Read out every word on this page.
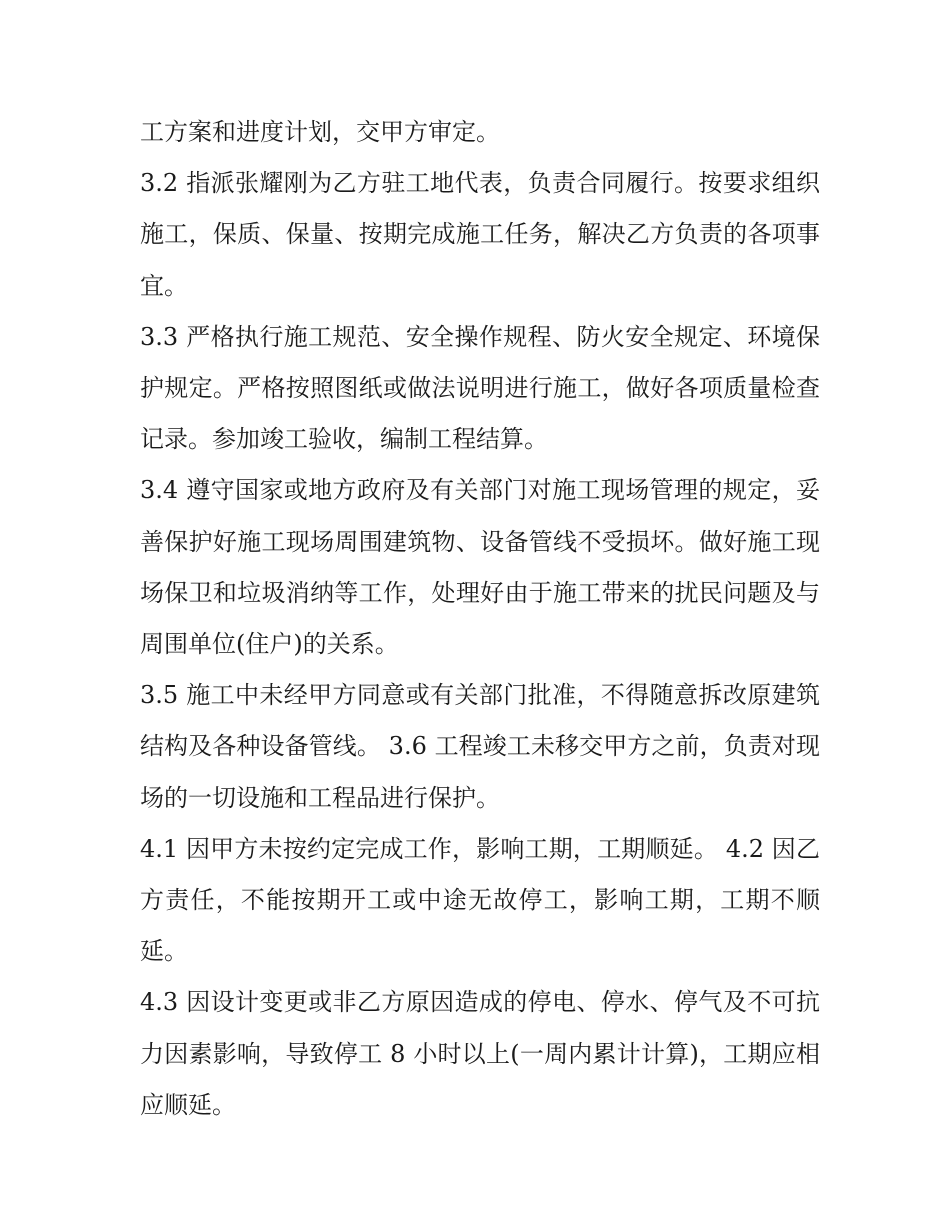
工方案和进度计划，交甲方审定。

3.2 指派张耀刚为乙方驻工地代表，负责合同履行。按要求组织施工，保质、保量、按期完成施工任务，解决乙方负责的各项事宜。

3.3 严格执行施工规范、安全操作规程、防火安全规定、环境保护规定。严格按照图纸或做法说明进行施工，做好各项质量检查记录。参加竣工验收，编制工程结算。

3.4 遵守国家或地方政府及有关部门对施工现场管理的规定，妥善保护好施工现场周围建筑物、设备管线不受损坏。做好施工现场保卫和垃圾消纳等工作，处理好由于施工带来的扰民问题及与周围单位(住户)的关系。

3.5 施工中未经甲方同意或有关部门批准，不得随意拆改原建筑结构及各种设备管线。 3.6 工程竣工未移交甲方之前，负责对现场的一切设施和工程品进行保护。

4.1 因甲方未按约定完成工作，影响工期，工期顺延。 4.2 因乙方责任，不能按期开工或中途无故停工，影响工期，工期不顺延。

4.3 因设计变更或非乙方原因造成的停电、停水、停气及不可抗力因素影响，导致停工 8 小时以上(一周内累计计算)，工期应相应顺延。
